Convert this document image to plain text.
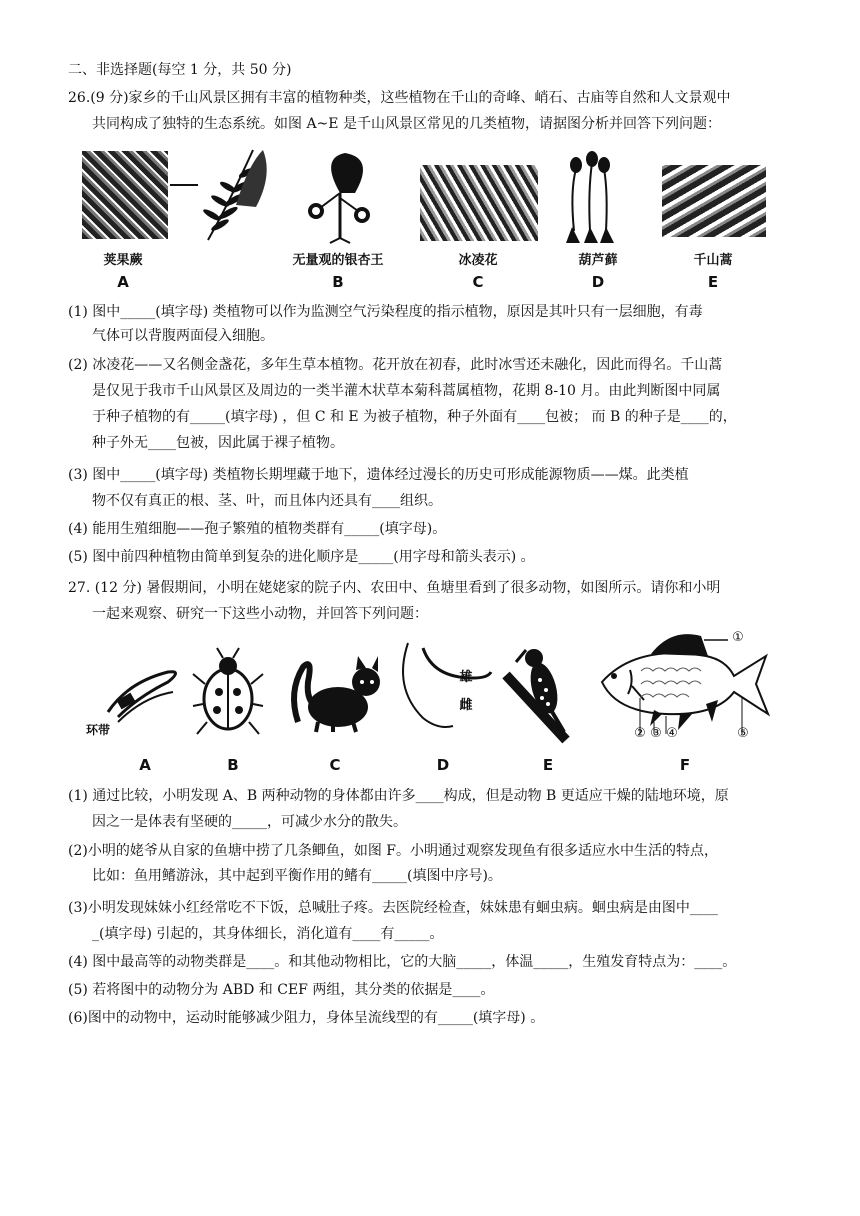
二、非选择题(每空 1 分，共 50 分)
26.(9 分)家乡的千山风景区拥有丰富的植物种类，这些植物在千山的奇峰、峭石、古庙等自然和人文景观中
共同构成了独特的生态系统。如图 A~E 是千山风景区常见的几类植物，请据图分析并回答下列问题：
荚果蕨	无量观的银杏王	冰凌花	葫芦藓	千山蒿
A	B	C	D	E
(1) 图中_____(填字母) 类植物可以作为监测空气污染程度的指示植物，原因是其叶只有一层细胞，有毒
气体可以背腹两面侵入细胞。
(2) 冰凌花——又名侧金盏花，多年生草本植物。花开放在初春，此时冰雪还未融化，因此而得名。千山蒿
是仅见于我市千山风景区及周边的一类半灌木状草本菊科蒿属植物，花期 8-10 月。由此判断图中同属
于种子植物的有_____(填字母) ，但 C 和 E 为被子植物，种子外面有____包被； 而 B 的种子是____的，
种子外无____包被，因此属于裸子植物。
(3) 图中_____(填字母) 类植物长期埋藏于地下，遗体经过漫长的历史可形成能源物质——煤。此类植
物不仅有真正的根、茎、叶，而且体内还具有____组织。
(4) 能用生殖细胞——孢子繁殖的植物类群有_____(填字母)。
(5) 图中前四种植物由简单到复杂的进化顺序是_____(用字母和箭头表示) 。
27. (12 分) 暑假期间，小明在姥姥家的院子内、农田中、鱼塘里看到了很多动物，如图所示。请你和小明
一起来观察、研究一下这些小动物，并回答下列问题：
环带
雄
雌
①
② ③ ④	⑤
A	B	C	D	E	F
(1) 通过比较，小明发现 A、B 两种动物的身体都由许多____构成，但是动物 B 更适应干燥的陆地环境，原
因之一是体表有坚硬的_____，可减少水分的散失。
(2)小明的姥爷从自家的鱼塘中捞了几条鲫鱼，如图 F。小明通过观察发现鱼有很多适应水中生活的特点，
比如：鱼用鳍游泳，其中起到平衡作用的鳍有_____(填图中序号)。
(3)小明发现妹妹小红经常吃不下饭，总喊肚子疼。去医院经检查，妹妹患有蛔虫病。蛔虫病是由图中____
_(填字母) 引起的，其身体细长，消化道有____有_____。
(4) 图中最高等的动物类群是____。和其他动物相比，它的大脑_____，体温_____，生殖发育特点为：____。
(5) 若将图中的动物分为 ABD 和 CEF 两组，其分类的依据是____。
(6)图中的动物中，运动时能够减少阻力，身体呈流线型的有_____(填字母) 。
